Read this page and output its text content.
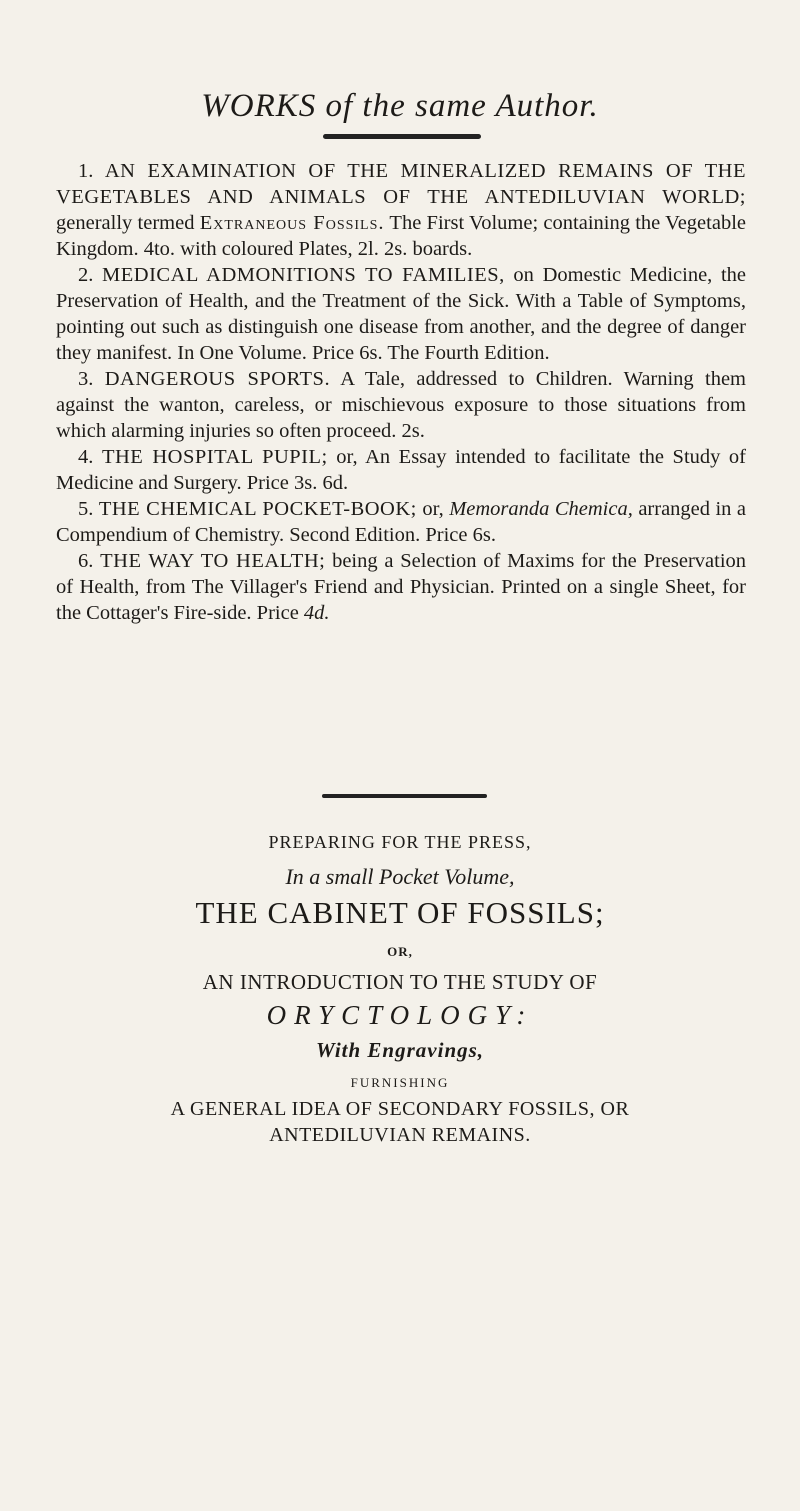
WORKS of the same Author.

1. AN EXAMINATION OF THE MINERALIZED REMAINS OF THE VEGETABLES AND ANIMALS OF THE ANTEDILUVIAN WORLD; generally termed Extraneous Fossils. The First Volume; containing the Vegetable Kingdom. 4to. with coloured Plates, 2l. 2s. boards.

2. MEDICAL ADMONITIONS TO FAMILIES, on Domestic Medicine, the Preservation of Health, and the Treatment of the Sick. With a Table of Symptoms, pointing out such as distinguish one disease from another, and the degree of danger they manifest. In One Volume. Price 6s. The Fourth Edition.

3. DANGEROUS SPORTS. A Tale, addressed to Children. Warning them against the wanton, careless, or mischievous exposure to those situations from which alarming injuries so often proceed. 2s.

4. THE HOSPITAL PUPIL; or, An Essay intended to facilitate the Study of Medicine and Surgery. Price 3s. 6d.

5. THE CHEMICAL POCKET-BOOK; or, Memoranda Chemica, arranged in a Compendium of Chemistry. Second Edition. Price 6s.

6. THE WAY TO HEALTH; being a Selection of Maxims for the Preservation of Health, from The Villager's Friend and Physician. Printed on a single Sheet, for the Cottager's Fire-side. Price 4d.

PREPARING FOR THE PRESS,
In a small Pocket Volume,
THE CABINET OF FOSSILS;
OR,
AN INTRODUCTION TO THE STUDY OF
ORYCTOLOGY:
With Engravings,
FURNISHING
A GENERAL IDEA OF SECONDARY FOSSILS, OR
ANTEDILUVIAN REMAINS.
